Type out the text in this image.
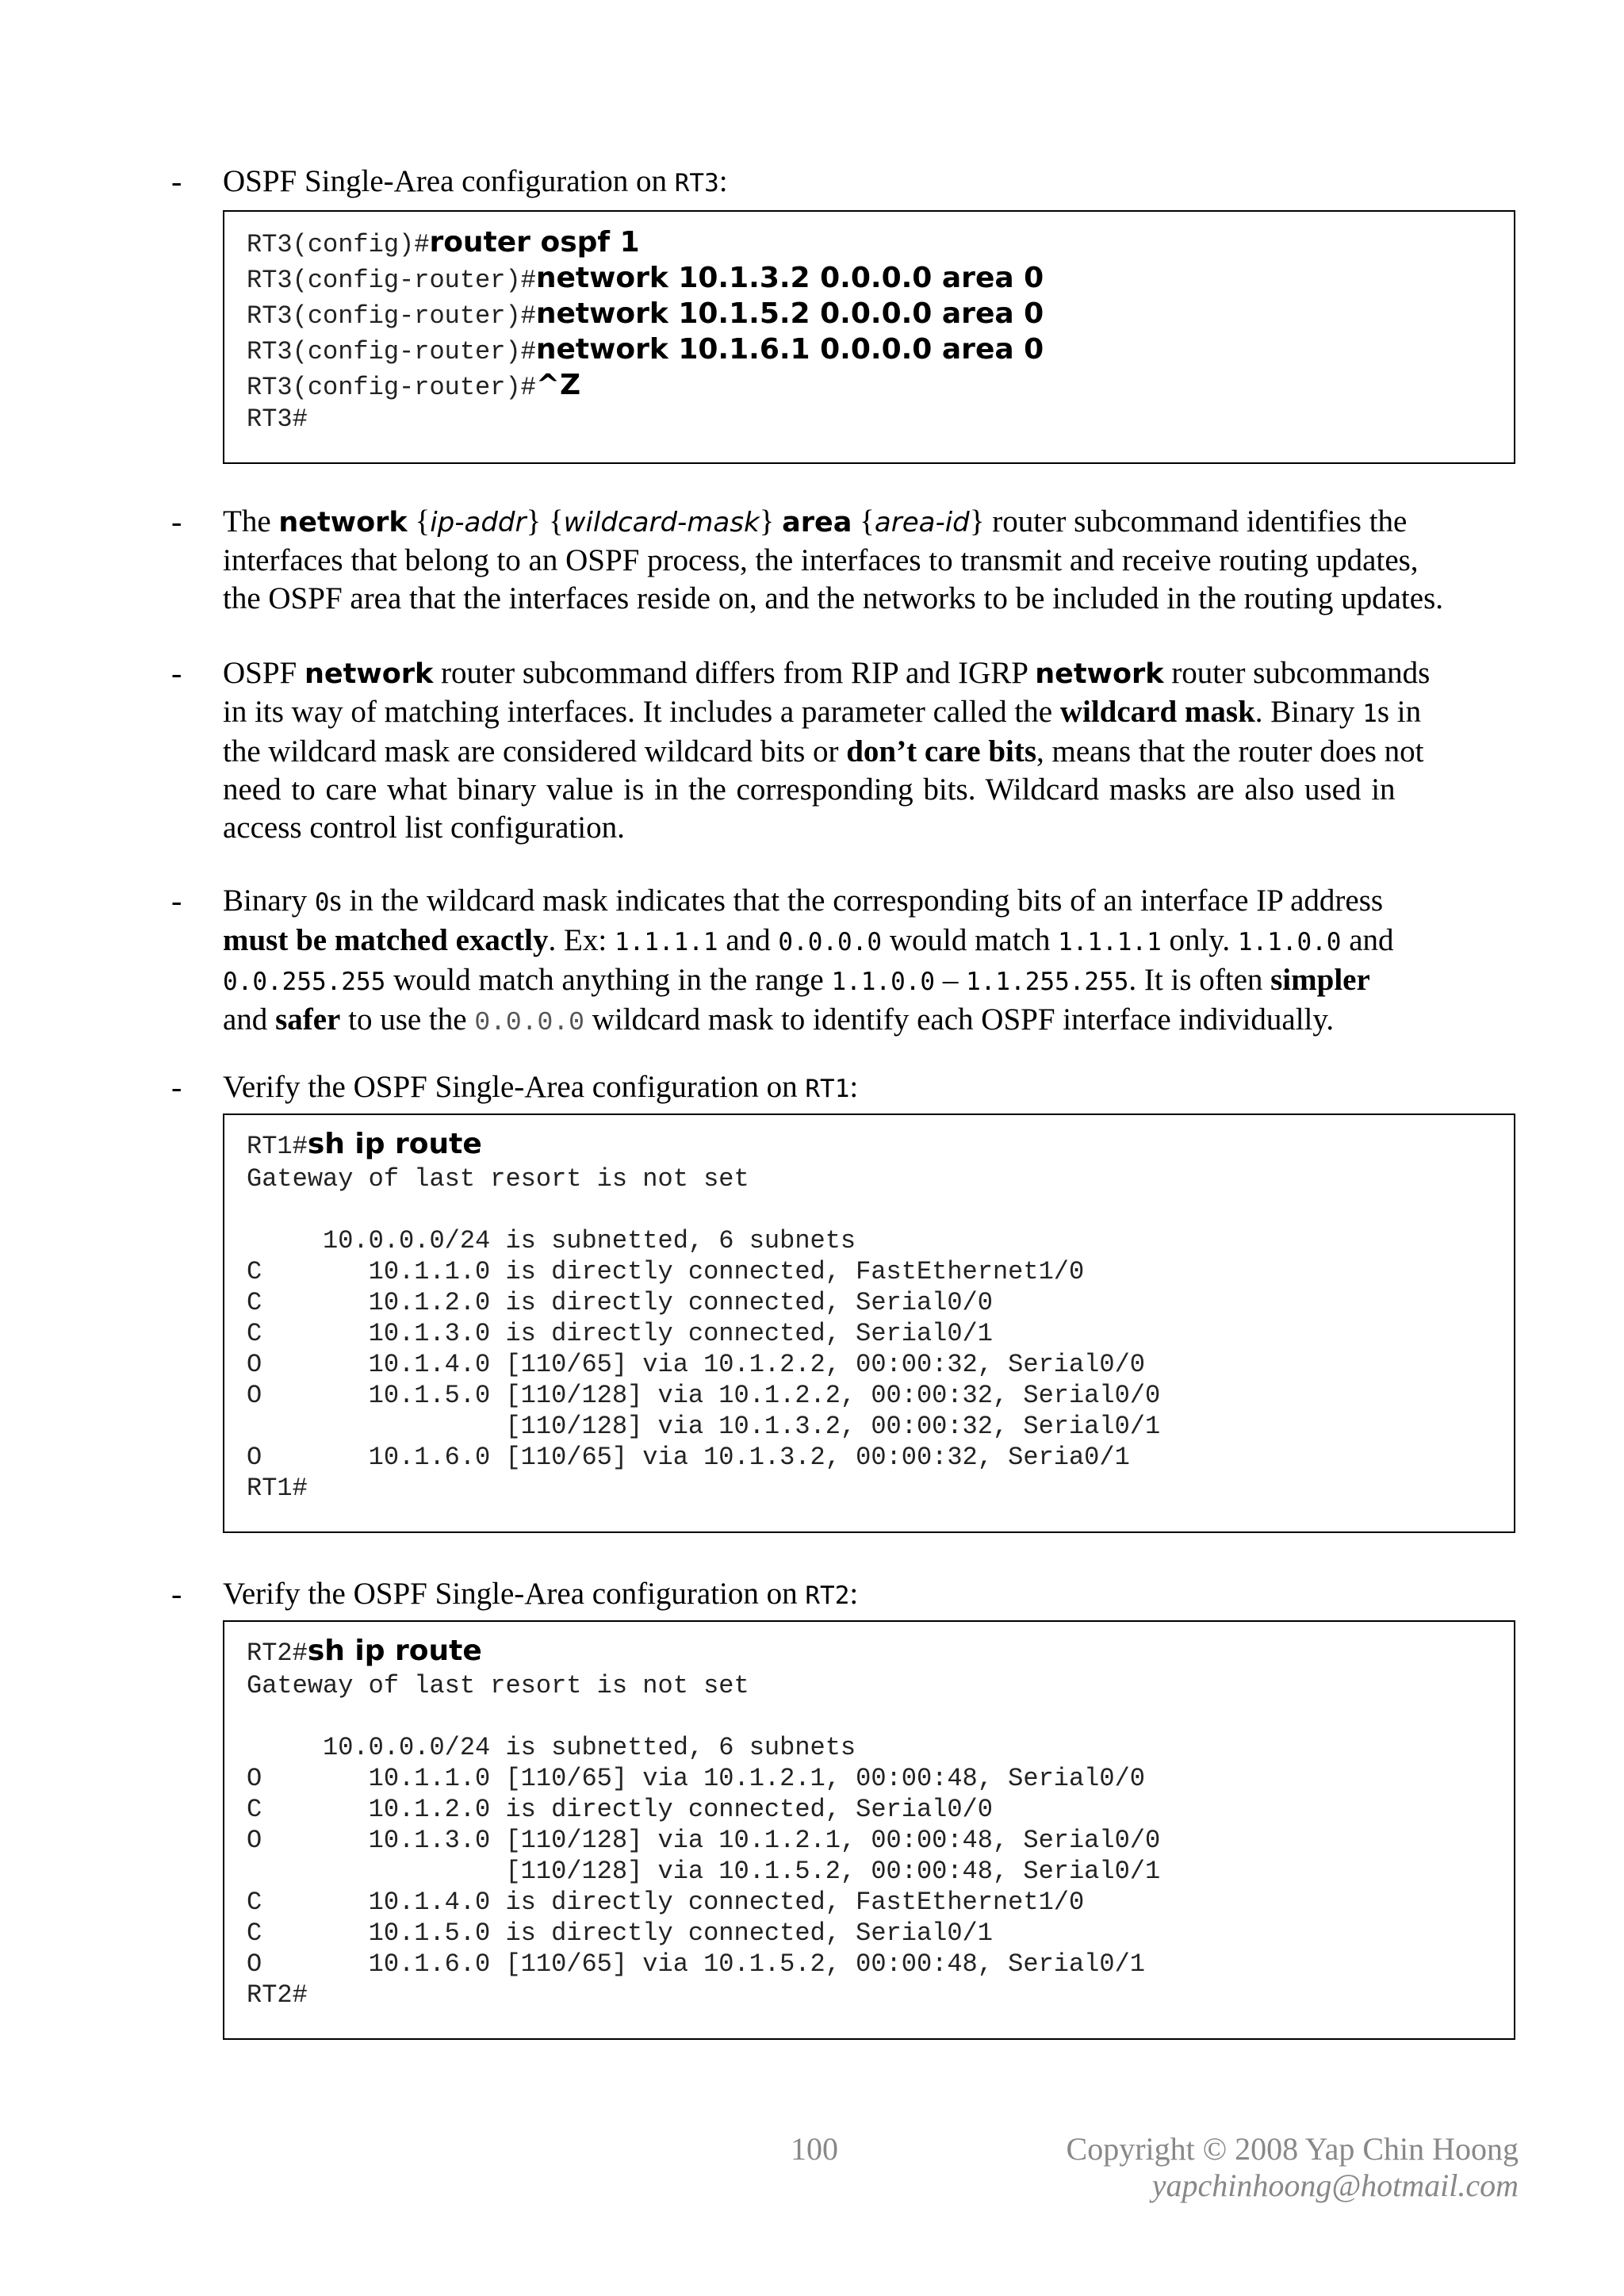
- OSPF Single-Area configuration on RT3:
RT3(config)#router ospf 1
RT3(config-router)#network 10.1.3.2 0.0.0.0 area 0
RT3(config-router)#network 10.1.5.2 0.0.0.0 area 0
RT3(config-router)#network 10.1.6.1 0.0.0.0 area 0
RT3(config-router)#^Z
RT3#
- The network {ip-addr} {wildcard-mask} area {area-id} router subcommand identifies the
interfaces that belong to an OSPF process, the interfaces to transmit and receive routing updates,
the OSPF area that the interfaces reside on, and the networks to be included in the routing updates.
- OSPF network router subcommand differs from RIP and IGRP network router subcommands
in its way of matching interfaces. It includes a parameter called the wildcard mask. Binary 1s in
the wildcard mask are considered wildcard bits or don’t care bits, means that the router does not
need to care what binary value is in the corresponding bits. Wildcard masks are also used in
access control list configuration.
- Binary 0s in the wildcard mask indicates that the corresponding bits of an interface IP address
must be matched exactly. Ex: 1.1.1.1 and 0.0.0.0 would match 1.1.1.1 only. 1.1.0.0 and
0.0.255.255 would match anything in the range 1.1.0.0 – 1.1.255.255. It is often simpler
and safer to use the 0.0.0.0 wildcard mask to identify each OSPF interface individually.
- Verify the OSPF Single-Area configuration on RT1:
RT1#sh ip route
Gateway of last resort is not set

10.0.0.0/24 is subnetted, 6 subnets
C       10.1.1.0 is directly connected, FastEthernet1/0
C       10.1.2.0 is directly connected, Serial0/0
C       10.1.3.0 is directly connected, Serial0/1
O       10.1.4.0 [110/65] via 10.1.2.2, 00:00:32, Serial0/0
O       10.1.5.0 [110/128] via 10.1.2.2, 00:00:32, Serial0/0
[110/128] via 10.1.3.2, 00:00:32, Serial0/1
O       10.1.6.0 [110/65] via 10.1.3.2, 00:00:32, Seria0/1
RT1#
- Verify the OSPF Single-Area configuration on RT2:
RT2#sh ip route
Gateway of last resort is not set

10.0.0.0/24 is subnetted, 6 subnets
O       10.1.1.0 [110/65] via 10.1.2.1, 00:00:48, Serial0/0
C       10.1.2.0 is directly connected, Serial0/0
O       10.1.3.0 [110/128] via 10.1.2.1, 00:00:48, Serial0/0
[110/128] via 10.1.5.2, 00:00:48, Serial0/1
C       10.1.4.0 is directly connected, FastEthernet1/0
C       10.1.5.0 is directly connected, Serial0/1
O       10.1.6.0 [110/65] via 10.1.5.2, 00:00:48, Serial0/1
RT2#
100	Copyright © 2008 Yap Chin Hoong
yapchinhoong@hotmail.com
